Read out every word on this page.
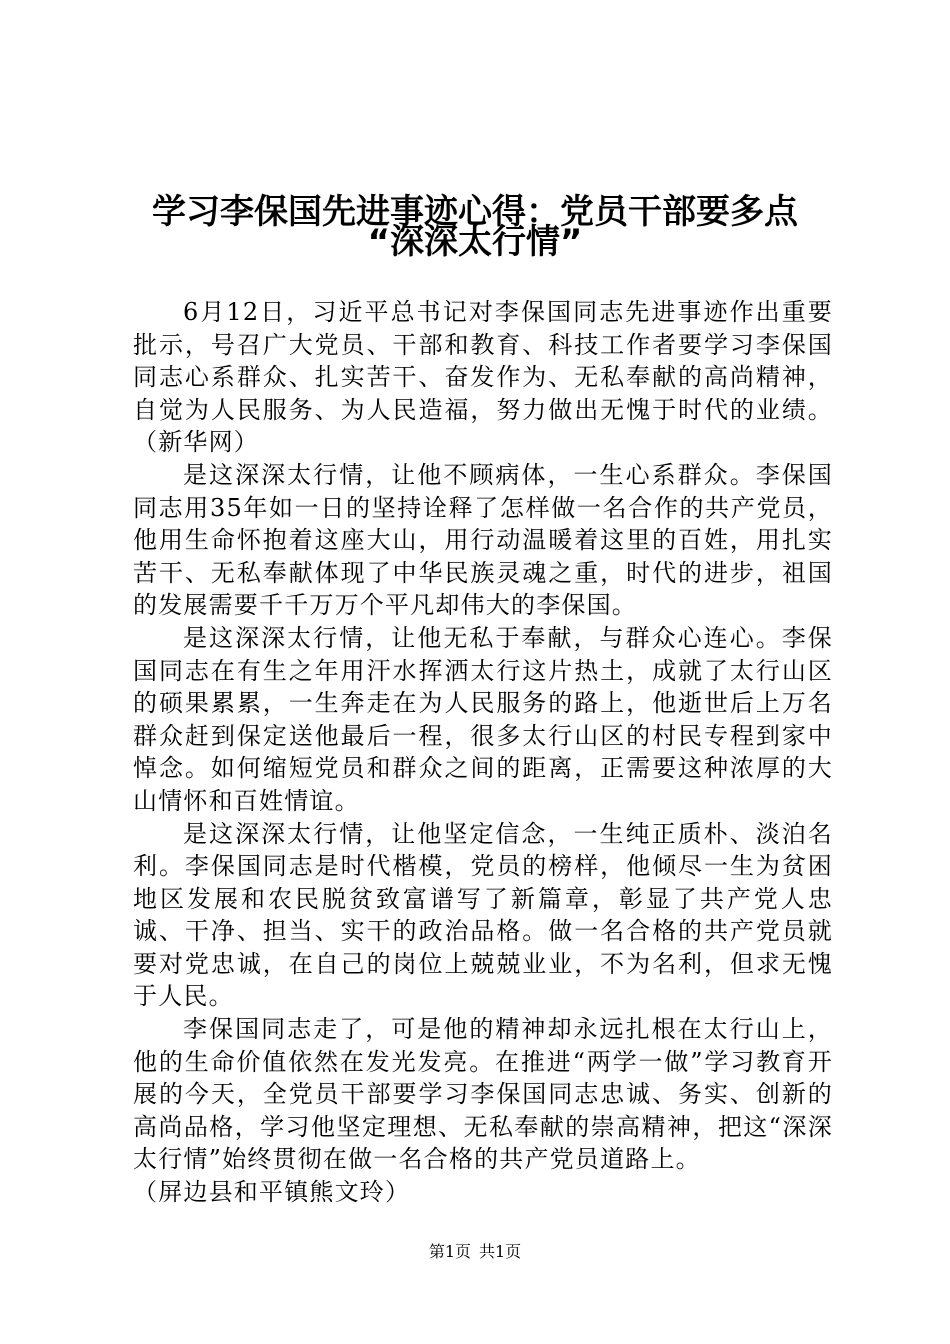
学习李保国先进事迹心得：党员干部要多点
“深深太行情”

6月12日，习近平总书记对李保国同志先进事迹作出重要批示，号召广大党员、干部和教育、科技工作者要学习李保国同志心系群众、扎实苦干、奋发作为、无私奉献的高尚精神，自觉为人民服务、为人民造福，努力做出无愧于时代的业绩。（新华网）

是这深深太行情，让他不顾病体，一生心系群众。李保国同志用35年如一日的坚持诠释了怎样做一名合作的共产党员，他用生命怀抱着这座大山，用行动温暖着这里的百姓，用扎实苦干、无私奉献体现了中华民族灵魂之重，时代的进步，祖国的发展需要千千万万个平凡却伟大的李保国。

是这深深太行情，让他无私于奉献，与群众心连心。李保国同志在有生之年用汗水挥洒太行这片热土，成就了太行山区的硕果累累，一生奔走在为人民服务的路上，他逝世后上万名群众赶到保定送他最后一程，很多太行山区的村民专程到家中悼念。如何缩短党员和群众之间的距离，正需要这种浓厚的大山情怀和百姓情谊。

是这深深太行情，让他坚定信念，一生纯正质朴、淡泊名利。李保国同志是时代楷模，党员的榜样，他倾尽一生为贫困地区发展和农民脱贫致富谱写了新篇章，彰显了共产党人忠诚、干净、担当、实干的政治品格。做一名合格的共产党员就要对党忠诚，在自己的岗位上兢兢业业，不为名利，但求无愧于人民。

李保国同志走了，可是他的精神却永远扎根在太行山上，他的生命价值依然在发光发亮。在推进“两学一做”学习教育开展的今天，全党员干部要学习李保国同志忠诚、务实、创新的高尚品格，学习他坚定理想、无私奉献的崇高精神，把这“深深太行情”始终贯彻在做一名合格的共产党员道路上。

（屏边县和平镇熊文玲）

第1页 共1页
